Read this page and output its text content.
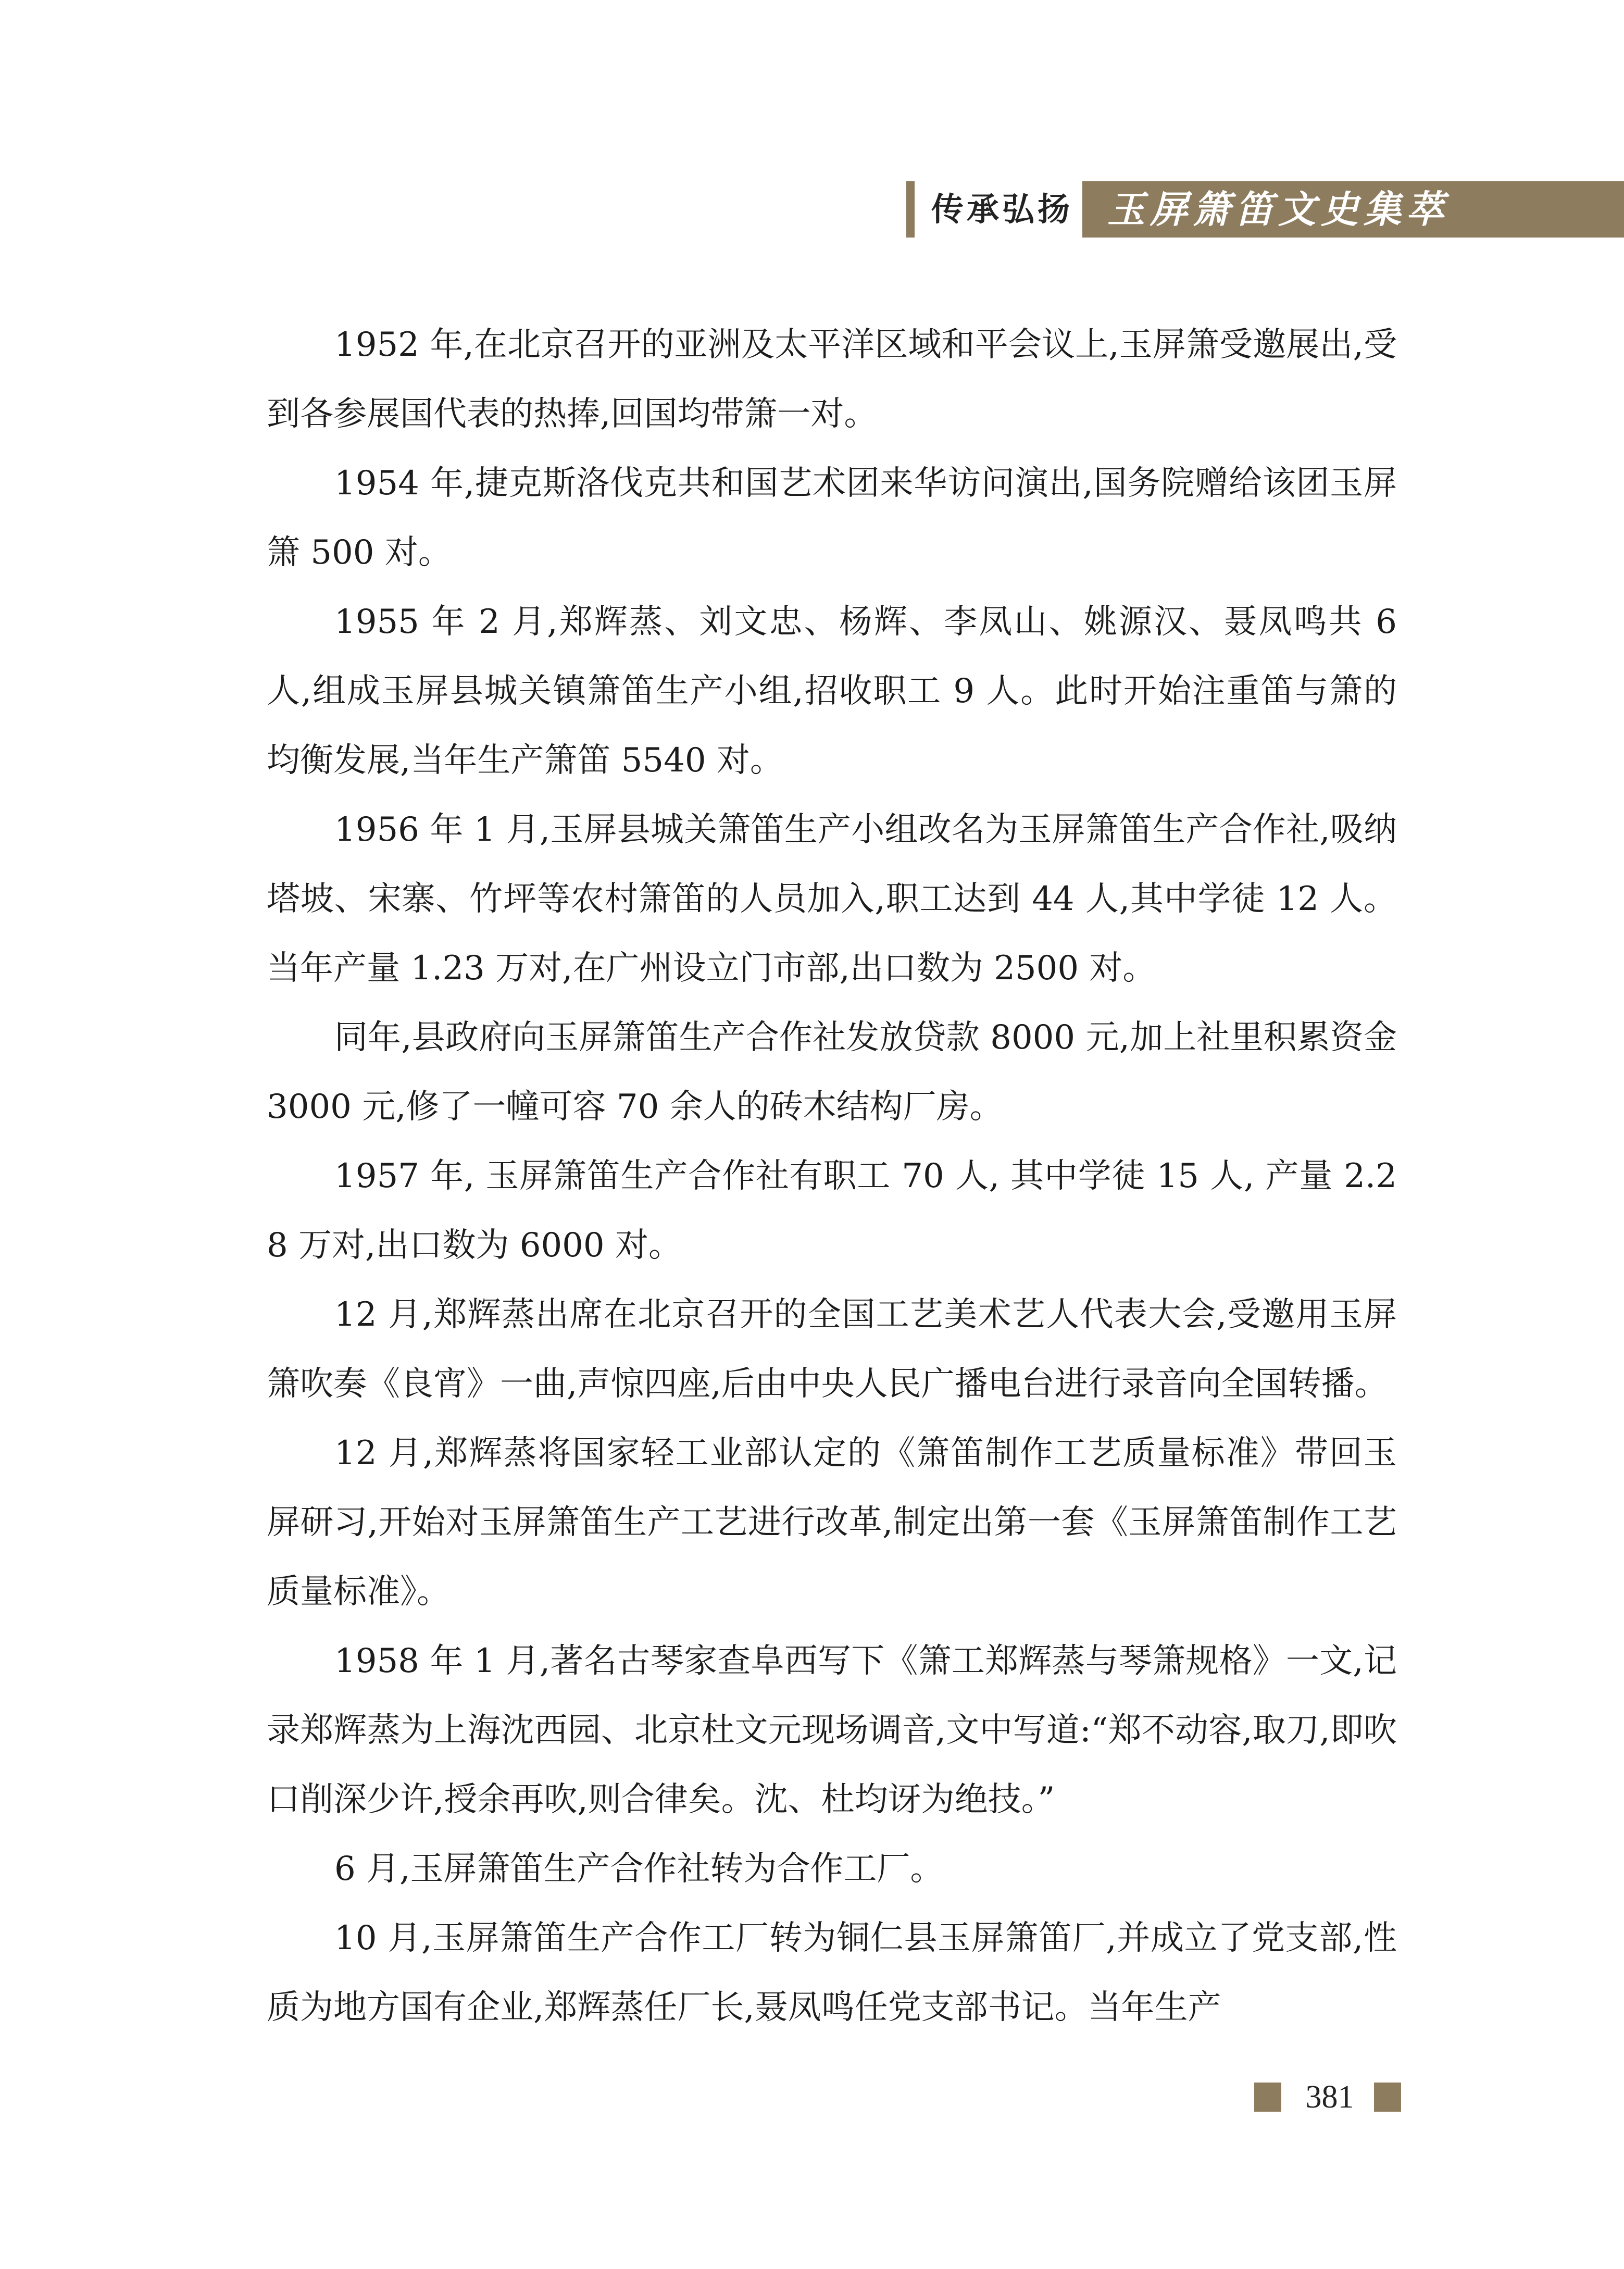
传承弘扬 玉屏箫笛文史集萃

1952 年,在北京召开的亚洲及太平洋区域和平会议上,玉屏箫受邀展出,受到各参展国代表的热捧,回国均带箫一对。

1954 年,捷克斯洛伐克共和国艺术团来华访问演出,国务院赠给该团玉屏箫 500 对。

1955 年 2 月,郑辉蒸、刘文忠、杨辉、李凤山、姚源汉、聂凤鸣共 6 人,组成玉屏县城关镇箫笛生产小组,招收职工 9 人。此时开始注重笛与箫的均衡发展,当年生产箫笛 5540 对。

1956 年 1 月,玉屏县城关箫笛生产小组改名为玉屏箫笛生产合作社,吸纳塔坡、宋寨、竹坪等农村箫笛的人员加入,职工达到 44 人,其中学徒 12 人。当年产量 1.23 万对,在广州设立门市部,出口数为 2500 对。

同年,县政府向玉屏箫笛生产合作社发放贷款 8000 元,加上社里积累资金 3000 元,修了一幢可容 70 余人的砖木结构厂房。

1957 年, 玉屏箫笛生产合作社有职工 70 人, 其中学徒 15 人, 产量 2.28 万对,出口数为 6000 对。

12 月,郑辉蒸出席在北京召开的全国工艺美术艺人代表大会,受邀用玉屏箫吹奏《良宵》一曲,声惊四座,后由中央人民广播电台进行录音向全国转播。

12 月,郑辉蒸将国家轻工业部认定的《箫笛制作工艺质量标准》带回玉屏研习,开始对玉屏箫笛生产工艺进行改革,制定出第一套《玉屏箫笛制作工艺质量标准》。

1958 年 1 月,著名古琴家查阜西写下《箫工郑辉蒸与琴箫规格》一文,记录郑辉蒸为上海沈西园、北京杜文元现场调音,文中写道:“郑不动容,取刀,即吹口削深少许,授余再吹,则合律矣。沈、杜均讶为绝技。”

6 月,玉屏箫笛生产合作社转为合作工厂。

10 月,玉屏箫笛生产合作工厂转为铜仁县玉屏箫笛厂,并成立了党支部,性质为地方国有企业,郑辉蒸任厂长,聂凤鸣任党支部书记。当年生产

381
